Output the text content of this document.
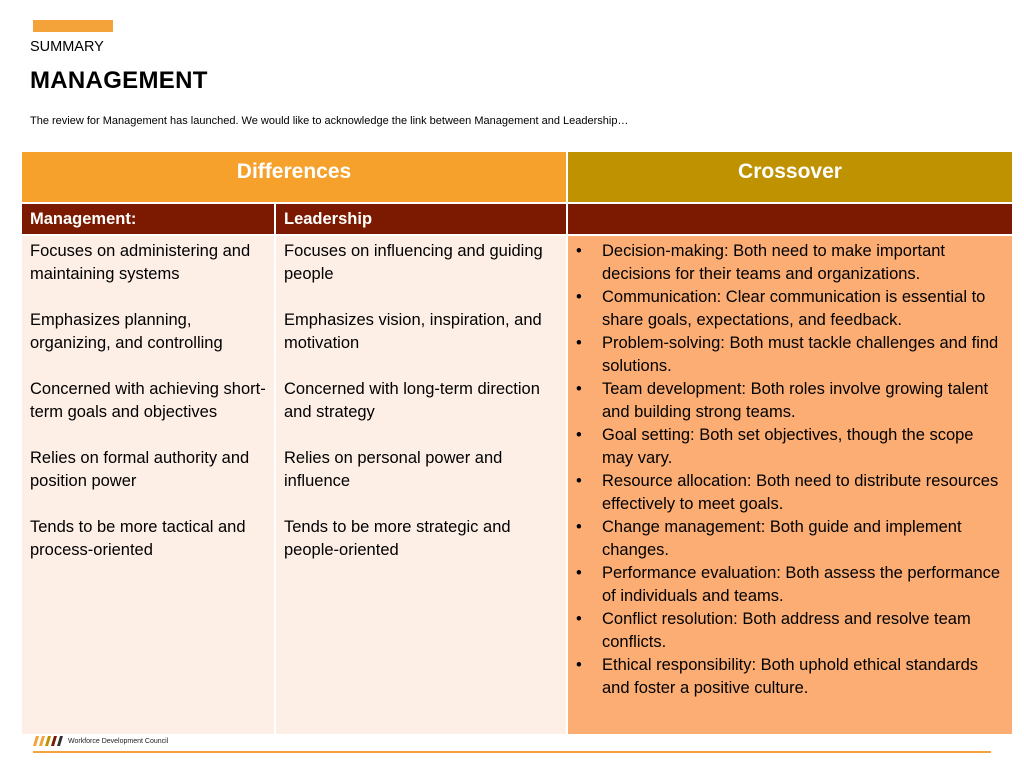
SUMMARY
MANAGEMENT
The review for Management has launched. We would like to acknowledge the link between Management and Leadership…
Differences	Crossover
Management:	Leadership

Focuses on administering and maintaining systems

Emphasizes planning, organizing, and controlling

Concerned with achieving short-term goals and objectives

Relies on formal authority and position power

Tends to be more tactical and process-oriented

Focuses on influencing and guiding people

Emphasizes vision, inspiration, and motivation

Concerned with long-term direction and strategy

Relies on personal power and influence

Tends to be more strategic and people-oriented

• Decision-making: Both need to make important decisions for their teams and organizations.
• Communication: Clear communication is essential to share goals, expectations, and feedback.
• Problem-solving: Both must tackle challenges and find solutions.
• Team development: Both roles involve growing talent and building strong teams.
• Goal setting: Both set objectives, though the scope may vary.
• Resource allocation: Both need to distribute resources effectively to meet goals.
• Change management: Both guide and implement changes.
• Performance evaluation: Both assess the performance of individuals and teams.
• Conflict resolution: Both address and resolve team conflicts.
• Ethical responsibility: Both uphold ethical standards and foster a positive culture.
Workforce Development Council
